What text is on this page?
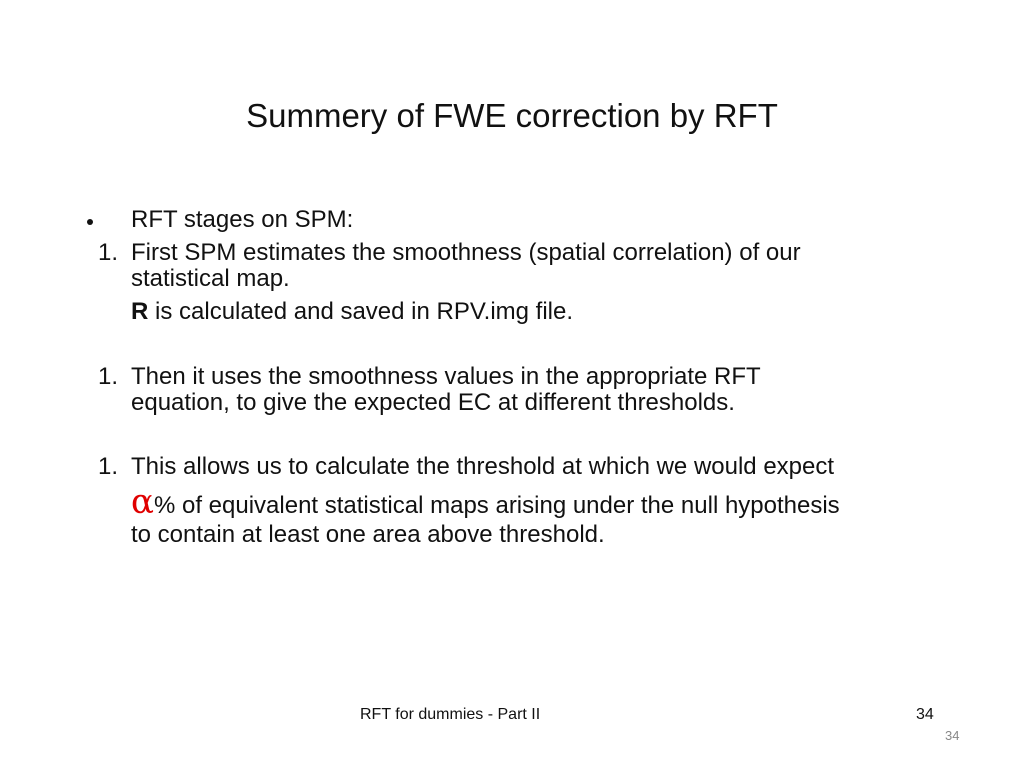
Summery of FWE correction by RFT
RFT stages on SPM:
1. First SPM estimates the smoothness (spatial correlation) of our
statistical map.
R is calculated and saved in RPV.img file.
1. Then it uses the smoothness values in the appropriate RFT
equation, to give the expected EC at different thresholds.
1. This allows us to calculate the threshold at which we would expect
α% of equivalent statistical maps arising under the null hypothesis
to contain at least one area above threshold.
RFT for dummies - Part II	34
34
